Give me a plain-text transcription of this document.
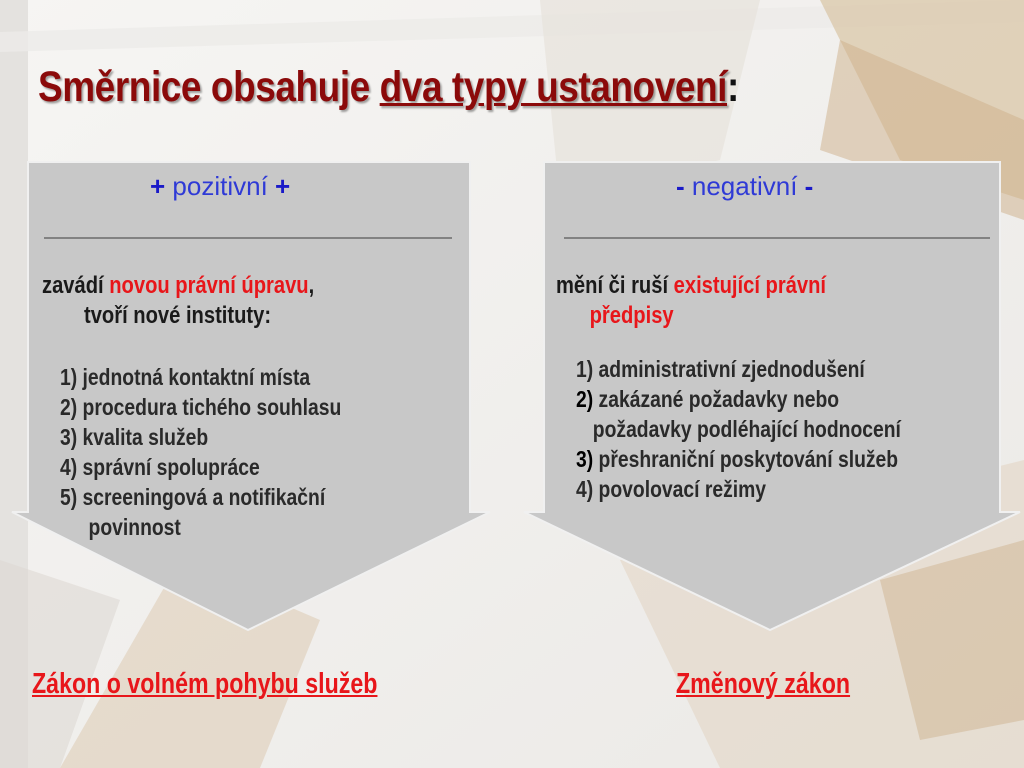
Směrnice obsahuje dva typy ustanovení:
+ pozitivní +
zavádí novou právní úpravu,
tvoří nové instituty:
1) jednotná kontaktní místa
2) procedura tichého souhlasu
3) kvalita služeb
4) správní spolupráce
5) screeningová a notifikační
povinnost
- negativní -
mění či ruší existující právní
předpisy
1) administrativní zjednodušení
2) zakázané požadavky nebo
požadavky podléhající hodnocení
3) přeshraniční poskytování služeb
4) povolovací režimy
Zákon o volném pohybu služeb	Změnový zákon
